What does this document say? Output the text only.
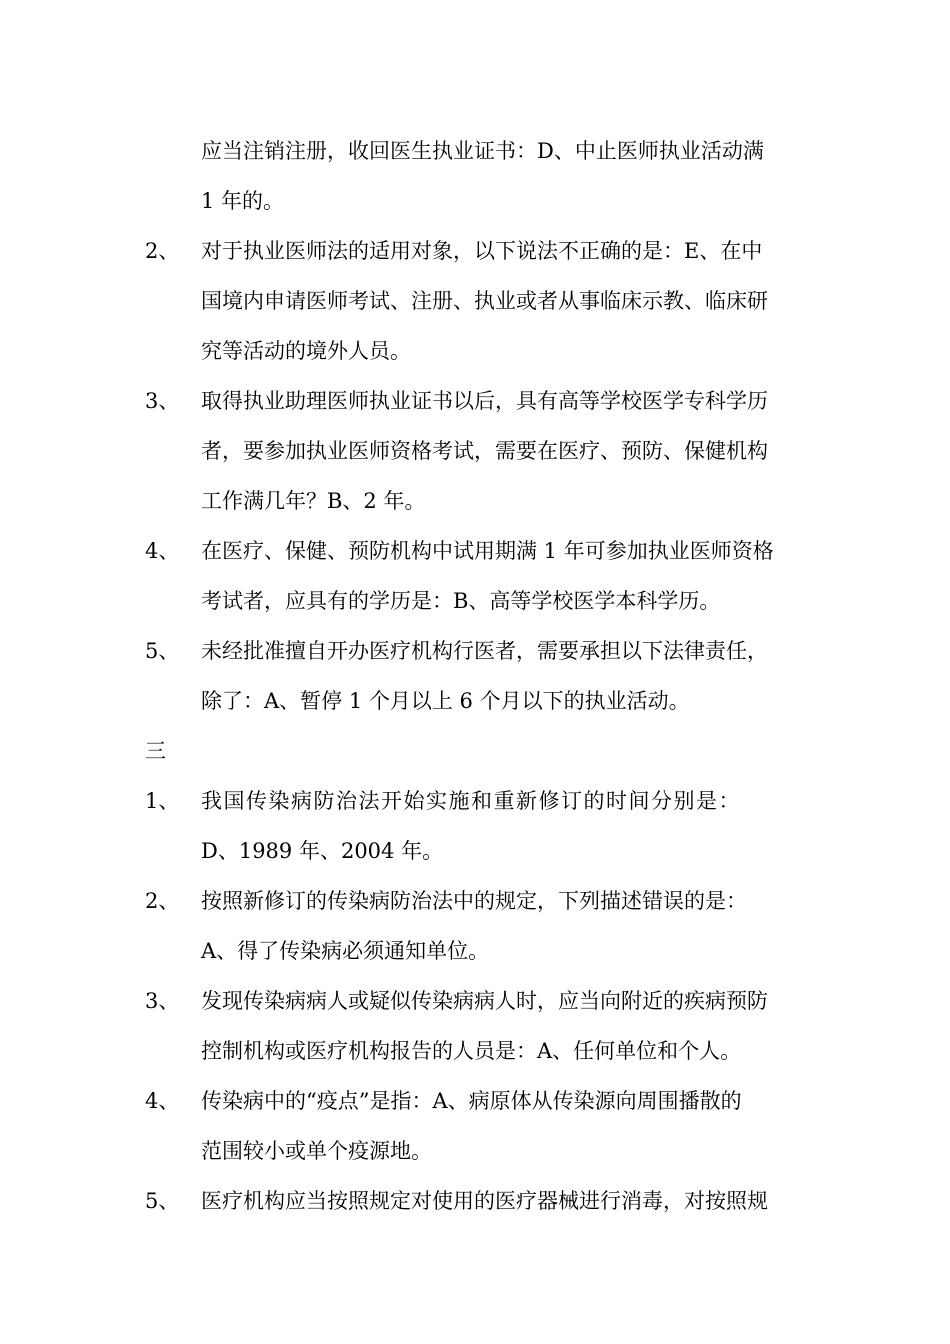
应当注销注册，收回医生执业证书：D、中止医师执业活动满
1 年的。
2、 对于执业医师法的适用对象，以下说法不正确的是：E、在中
国境内申请医师考试、注册、执业或者从事临床示教、临床研
究等活动的境外人员。
3、 取得执业助理医师执业证书以后，具有高等学校医学专科学历
者，要参加执业医师资格考试，需要在医疗、预防、保健机构
工作满几年？B、2 年。
4、 在医疗、保健、预防机构中试用期满 1 年可参加执业医师资格
考试者，应具有的学历是：B、高等学校医学本科学历。
5、 未经批准擅自开办医疗机构行医者，需要承担以下法律责任，
除了：A、暂停 1 个月以上 6 个月以下的执业活动。
三
1、 我国传染病防治法开始实施和重新修订的时间分别是：
D、1989 年、2004 年。
2、 按照新修订的传染病防治法中的规定，下列描述错误的是：
A、得了传染病必须通知单位。
3、 发现传染病病人或疑似传染病病人时，应当向附近的疾病预防
控制机构或医疗机构报告的人员是：A、任何单位和个人。
4、 传染病中的“疫点”是指：A、病原体从传染源向周围播散的
范围较小或单个疫源地。
5、 医疗机构应当按照规定对使用的医疗器械进行消毒，对按照规
